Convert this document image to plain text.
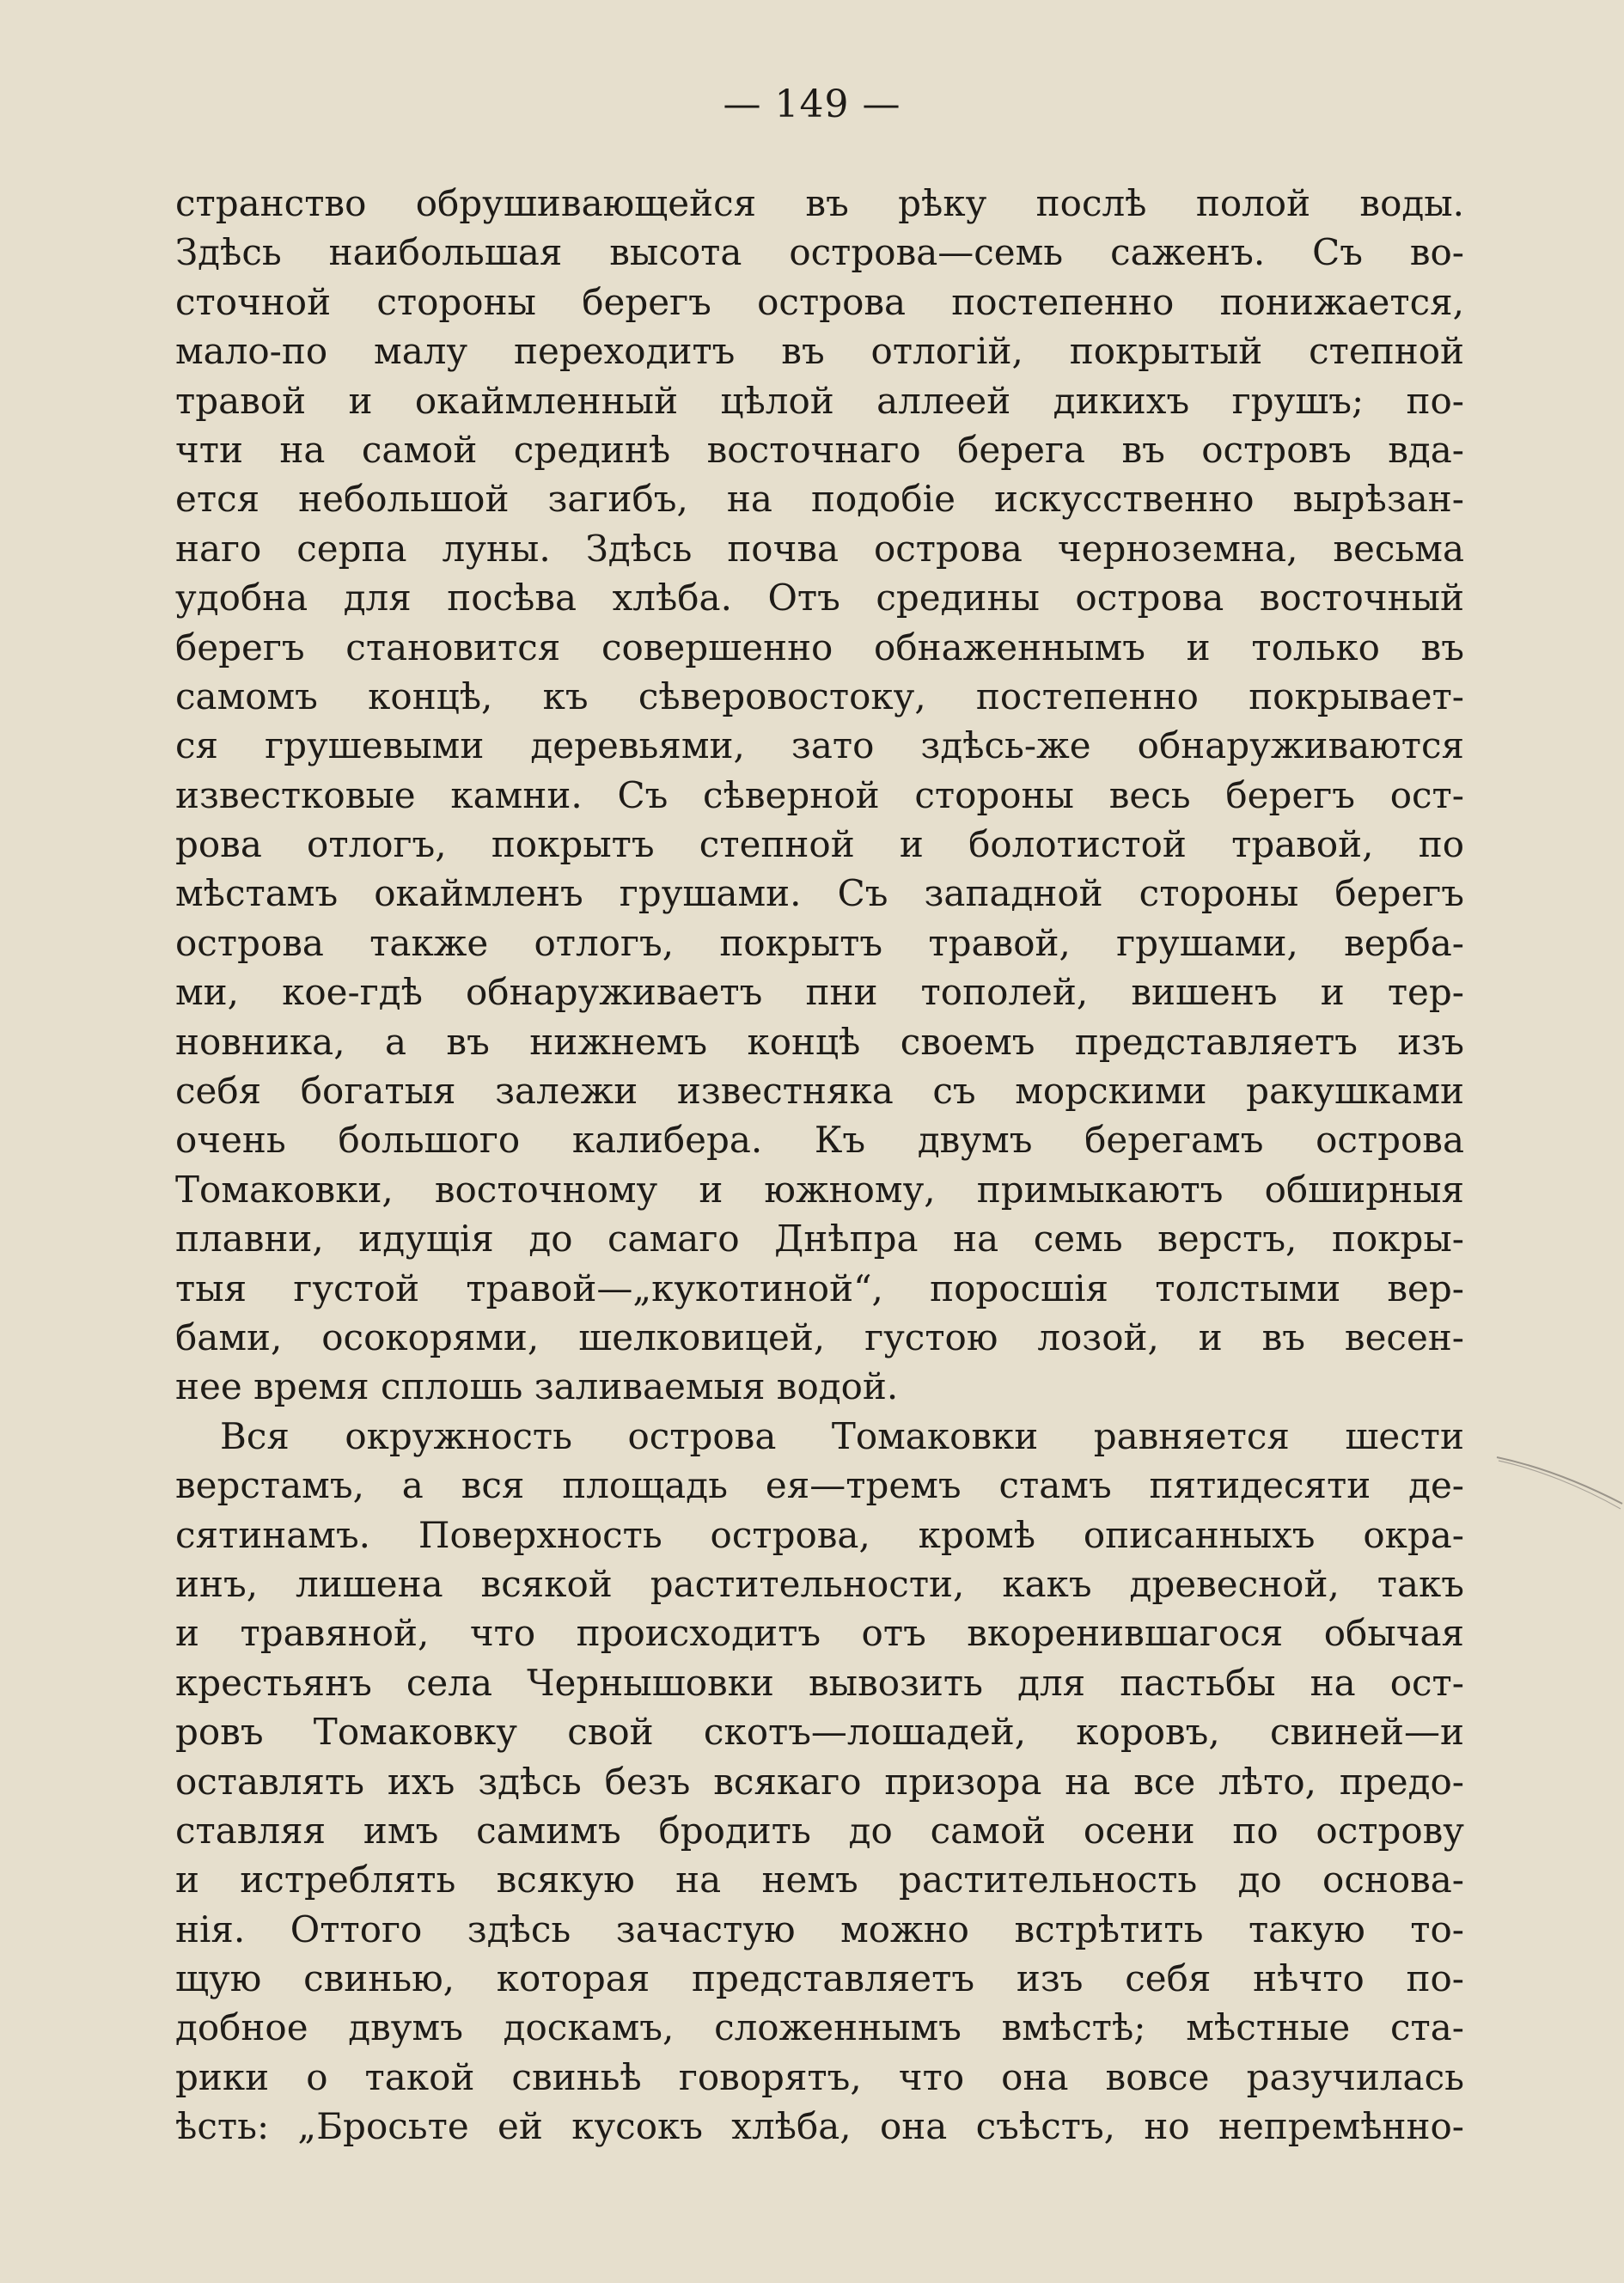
— 149 —
странство обрушивающейся въ рѣку послѣ полой воды.
Здѣсь наибольшая высота острова—семь саженъ. Съ во-
сточной стороны берегъ острова постепенно понижается,
мало-по малу переходитъ въ отлогій, покрытый степной
травой и окаймленный цѣлой аллеей дикихъ грушъ; по-
чти на самой срединѣ восточнаго берега въ островъ вда-
ется небольшой загибъ, на подобіе искусственно вырѣзан-
наго серпа луны. Здѣсь почва острова черноземна, весьма
удобна для посѣва хлѣба. Отъ средины острова восточный
берегъ становится совершенно обнаженнымъ и только въ
самомъ концѣ, къ сѣверовостоку, постепенно покрывает-
ся грушевыми деревьями, зато здѣсь-же обнаруживаются
известковые камни. Съ сѣверной стороны весь берегъ ост-
рова отлогъ, покрытъ степной и болотистой травой, по
мѣстамъ окаймленъ грушами. Съ западной стороны берегъ
острова также отлогъ, покрытъ травой, грушами, верба-
ми, кое-гдѣ обнаруживаетъ пни тополей, вишенъ и тер-
новника, а въ нижнемъ концѣ своемъ представляетъ изъ
себя богатыя залежи известняка съ морскими ракушками
очень большого калибера. Къ двумъ берегамъ острова
Томаковки, восточному и южному, примыкаютъ обширныя
плавни, идущія до самаго Днѣпра на семь верстъ, покры-
тыя густой травой—„кукотиной“, поросшія толстыми вер-
бами, осокорями, шелковицей, густою лозой, и въ весен-
нее время сплошь заливаемыя водой.
Вся окружность острова Томаковки равняется шести
верстамъ, а вся площадь ея—тремъ стамъ пятидесяти де-
сятинамъ. Поверхность острова, кромѣ описанныхъ окра-
инъ, лишена всякой растительности, какъ древесной, такъ
и травяной, что происходитъ отъ вкоренившагося обычая
крестьянъ села Чернышовки вывозить для пастьбы на ост-
ровъ Томаковку свой скотъ—лошадей, коровъ, свиней—и
оставлять ихъ здѣсь безъ всякаго призора на все лѣто, предо-
ставляя имъ самимъ бродить до самой осени по острову
и истреблять всякую на немъ растительность до основа-
нія. Оттого здѣсь зачастую можно встрѣтить такую то-
щую свинью, которая представляетъ изъ себя нѣчто по-
добное двумъ доскамъ, сложеннымъ вмѣстѣ; мѣстные ста-
рики о такой свиньѣ говорятъ, что она вовсе разучилась
ѣсть: „Бросьте ей кусокъ хлѣба, она съѣстъ, но непремѣнно-
